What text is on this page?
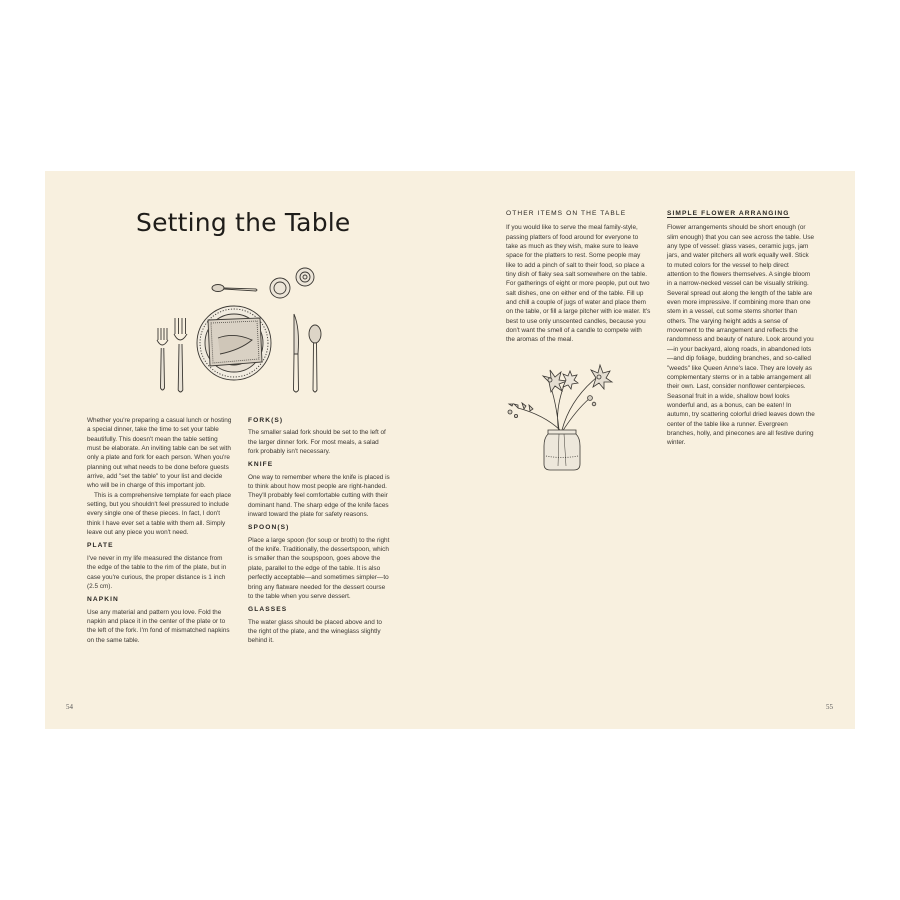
Setting the Table

Whether you're preparing a casual lunch or hosting a special dinner, take the time to set your table beautifully. This doesn't mean the table setting must be elaborate. An inviting table can be set with only a plate and fork for each person. When you're planning out what needs to be done before guests arrive, add "set the table" to your list and decide who will be in charge of this important job.

This is a comprehensive template for each place setting, but you shouldn't feel pressured to include every single one of these pieces. In fact, I don't think I have ever set a table with them all. Simply leave out any piece you won't need.

PLATE

I've never in my life measured the distance from the edge of the table to the rim of the plate, but in case you're curious, the proper distance is 1 inch (2.5 cm).

NAPKIN

Use any material and pattern you love. Fold the napkin and place it in the center of the plate or to the left of the fork. I'm fond of mismatched napkins on the same table.

FORK(S)

The smaller salad fork should be set to the left of the larger dinner fork. For most meals, a salad fork probably isn't necessary.

KNIFE

One way to remember where the knife is placed is to think about how most people are right-handed. They'll probably feel comfortable cutting with their dominant hand. The sharp edge of the knife faces inward toward the plate for safety reasons.

SPOON(S)

Place a large spoon (for soup or broth) to the right of the knife. Traditionally, the dessertspoon, which is smaller than the soupspoon, goes above the plate, parallel to the edge of the table. It is also perfectly acceptable—and sometimes simpler—to bring any flatware needed for the dessert course to the table when you serve dessert.

GLASSES

The water glass should be placed above and to the right of the plate, and the wineglass slightly behind it.

OTHER ITEMS ON THE TABLE

If you would like to serve the meal family-style, passing platters of food around for everyone to take as much as they wish, make sure to leave space for the platters to rest. Some people may like to add a pinch of salt to their food, so place a tiny dish of flaky sea salt somewhere on the table. For gatherings of eight or more people, put out two salt dishes, one on either end of the table. Fill up and chill a couple of jugs of water and place them on the table, or fill a large pitcher with ice water. It's best to use only unscented candles, because you don't want the smell of a candle to compete with the aromas of the meal.

SIMPLE FLOWER ARRANGING

Flower arrangements should be short enough (or slim enough) that you can see across the table. Use any type of vessel: glass vases, ceramic jugs, jam jars, and water pitchers all work equally well. Stick to muted colors for the vessel to help direct attention to the flowers themselves. A single bloom in a narrow-necked vessel can be visually striking. Several spread out along the length of the table are even more impressive. If combining more than one stem in a vessel, cut some stems shorter than others. The varying height adds a sense of movement to the arrangement and reflects the randomness and beauty of nature. Look around you—in your backyard, along roads, in abandoned lots—and dip foliage, budding branches, and so-called "weeds" like Queen Anne's lace. They are lovely as complementary stems or in a table arrangement all their own. Last, consider nonflower centerpieces. Seasonal fruit in a wide, shallow bowl looks wonderful and, as a bonus, can be eaten! In autumn, try scattering colorful dried leaves down the center of the table like a runner. Evergreen branches, holly, and pinecones are all festive during winter.

54	55
